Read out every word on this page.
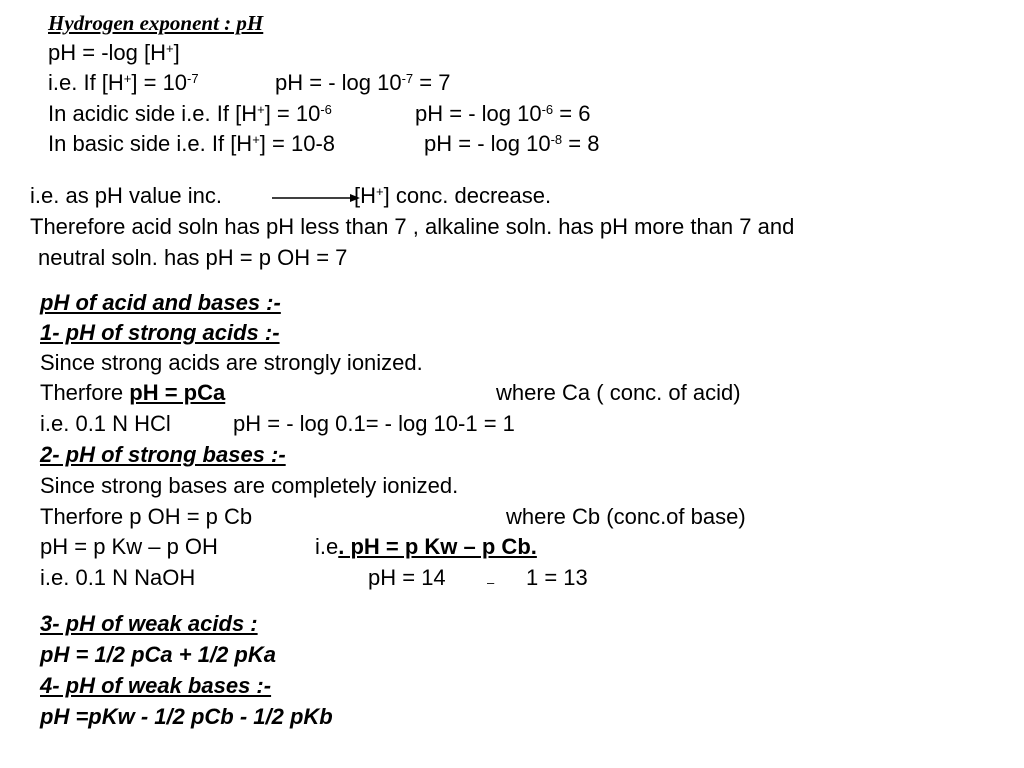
Hydrogen exponent : pH
pH = -log [H+]
i.e. If $[H^+] = 10^{-7}$	pH = - $\log 10^{-7} = 7$
In acidic side i.e. If $[H^+] = 10^{-6}$	pH = - $\log 10^{-6} = 6$
In basic side i.e. If [H+] = 10-8	pH = - $\log 10^{-8} = 8$
i.e. as pH value inc.	[H+] conc. decrease.
Therefore acid soln has pH less than 7 , alkaline soln. has pH more than 7 and
neutral soln. has pH = p OH = 7
pH of acid and bases :-
1- pH of strong acids :-
Since strong acids are strongly ionized.
Therfore pH = pCa	where Ca ( conc. of acid)
i.e. 0.1 N HCl	pH = - log 0.1= - log 10-1 = 1
2- pH of strong bases :-
Since strong bases are completely ionized.
Therfore p OH = p Cb	where Cb (conc.of base)
pH = p Kw – p OH	i.e. pH = p Kw – p Cb.
i.e. 0.1 N NaOH	pH = 14	– 1 = 13
3- pH of weak acids :
pH = 1/2 pCa + 1/2 pKa
4- pH of weak bases :-
pH =pKw - 1/2 pCb - 1/2 pKb
